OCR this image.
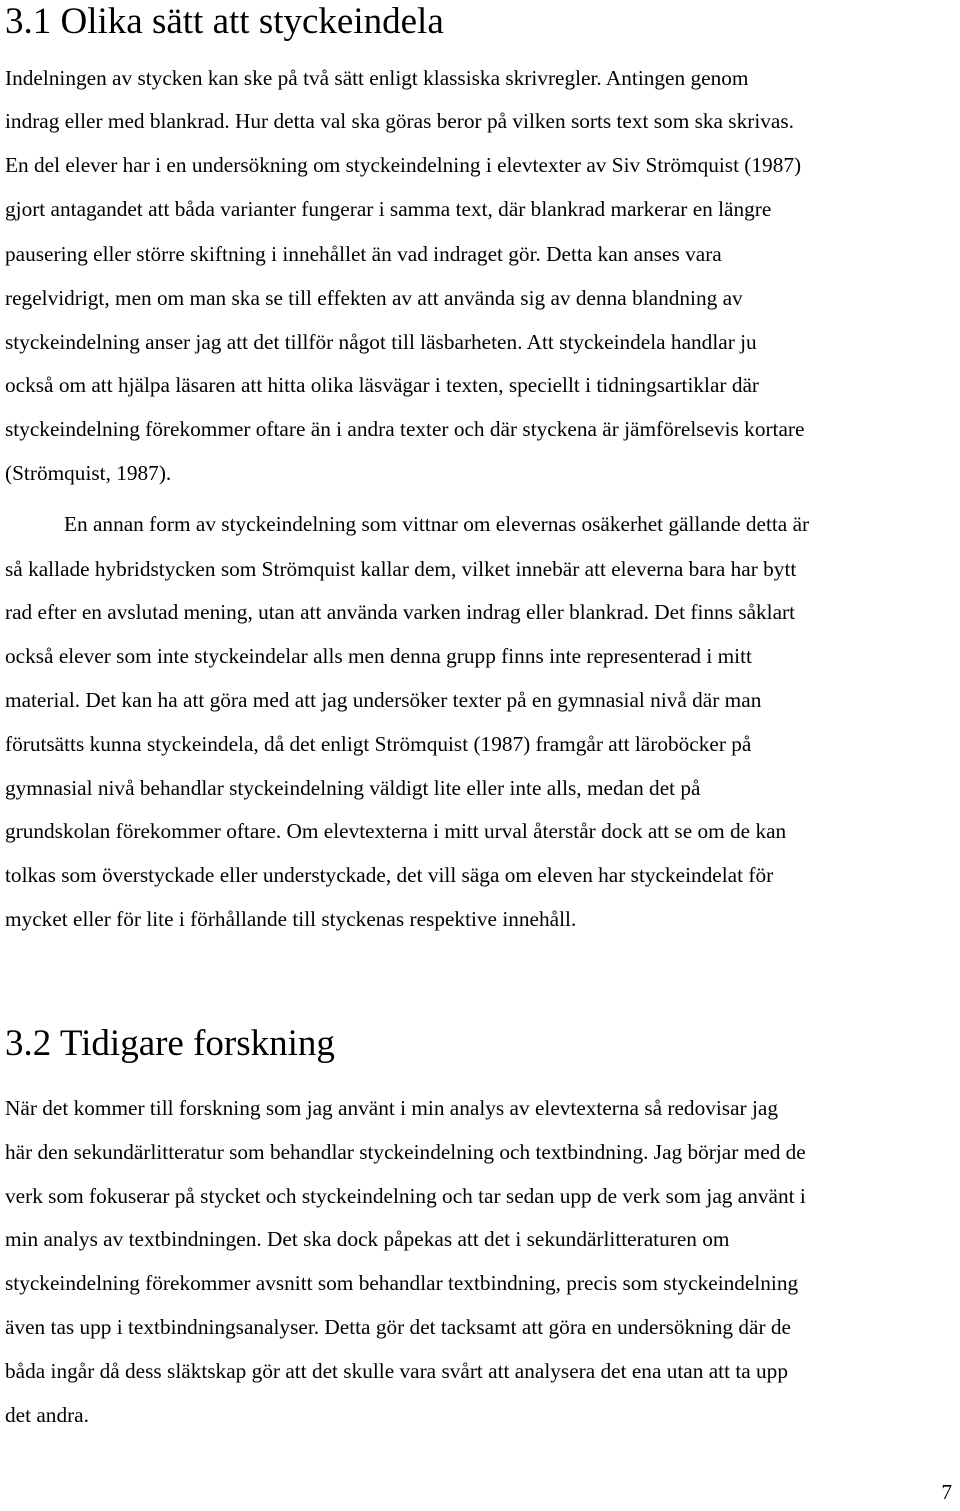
3.1 Olika sätt att styckeindela

Indelningen av stycken kan ske på två sätt enligt klassiska skrivregler. Antingen genom

indrag eller med blankrad. Hur detta val ska göras beror på vilken sorts text som ska skrivas.

En del elever har i en undersökning om styckeindelning i elevtexter av Siv Strömquist (1987)

gjort antagandet att båda varianter fungerar i samma text, där blankrad markerar en längre

pausering eller större skiftning i innehållet än vad indraget gör. Detta kan anses vara

regelvidrigt, men om man ska se till effekten av att använda sig av denna blandning av

styckeindelning anser jag att det tillför något till läsbarheten. Att styckeindela handlar ju

också om att hjälpa läsaren att hitta olika läsvägar i texten, speciellt i tidningsartiklar där

styckeindelning förekommer oftare än i andra texter och där styckena är jämförelsevis kortare

(Strömquist, 1987).

En annan form av styckeindelning som vittnar om elevernas osäkerhet gällande detta är

så kallade hybridstycken som Strömquist kallar dem, vilket innebär att eleverna bara har bytt

rad efter en avslutad mening, utan att använda varken indrag eller blankrad. Det finns såklart

också elever som inte styckeindelar alls men denna grupp finns inte representerad i mitt

material. Det kan ha att göra med att jag undersöker texter på en gymnasial nivå där man

förutsätts kunna styckeindela, då det enligt Strömquist (1987) framgår att läroböcker på

gymnasial nivå behandlar styckeindelning väldigt lite eller inte alls, medan det på

grundskolan förekommer oftare. Om elevtexterna i mitt urval återstår dock att se om de kan

tolkas som överstyckade eller understyckade, det vill säga om eleven har styckeindelat för

mycket eller för lite i förhållande till styckenas respektive innehåll.

3.2 Tidigare forskning

När det kommer till forskning som jag använt i min analys av elevtexterna så redovisar jag

här den sekundärlitteratur som behandlar styckeindelning och textbindning. Jag börjar med de

verk som fokuserar på stycket och styckeindelning och tar sedan upp de verk som jag använt i

min analys av textbindningen. Det ska dock påpekas att det i sekundärlitteraturen om

styckeindelning förekommer avsnitt som behandlar textbindning, precis som styckeindelning

även tas upp i textbindningsanalyser. Detta gör det tacksamt att göra en undersökning där de

båda ingår då dess släktskap gör att det skulle vara svårt att analysera det ena utan att ta upp

det andra.

7
